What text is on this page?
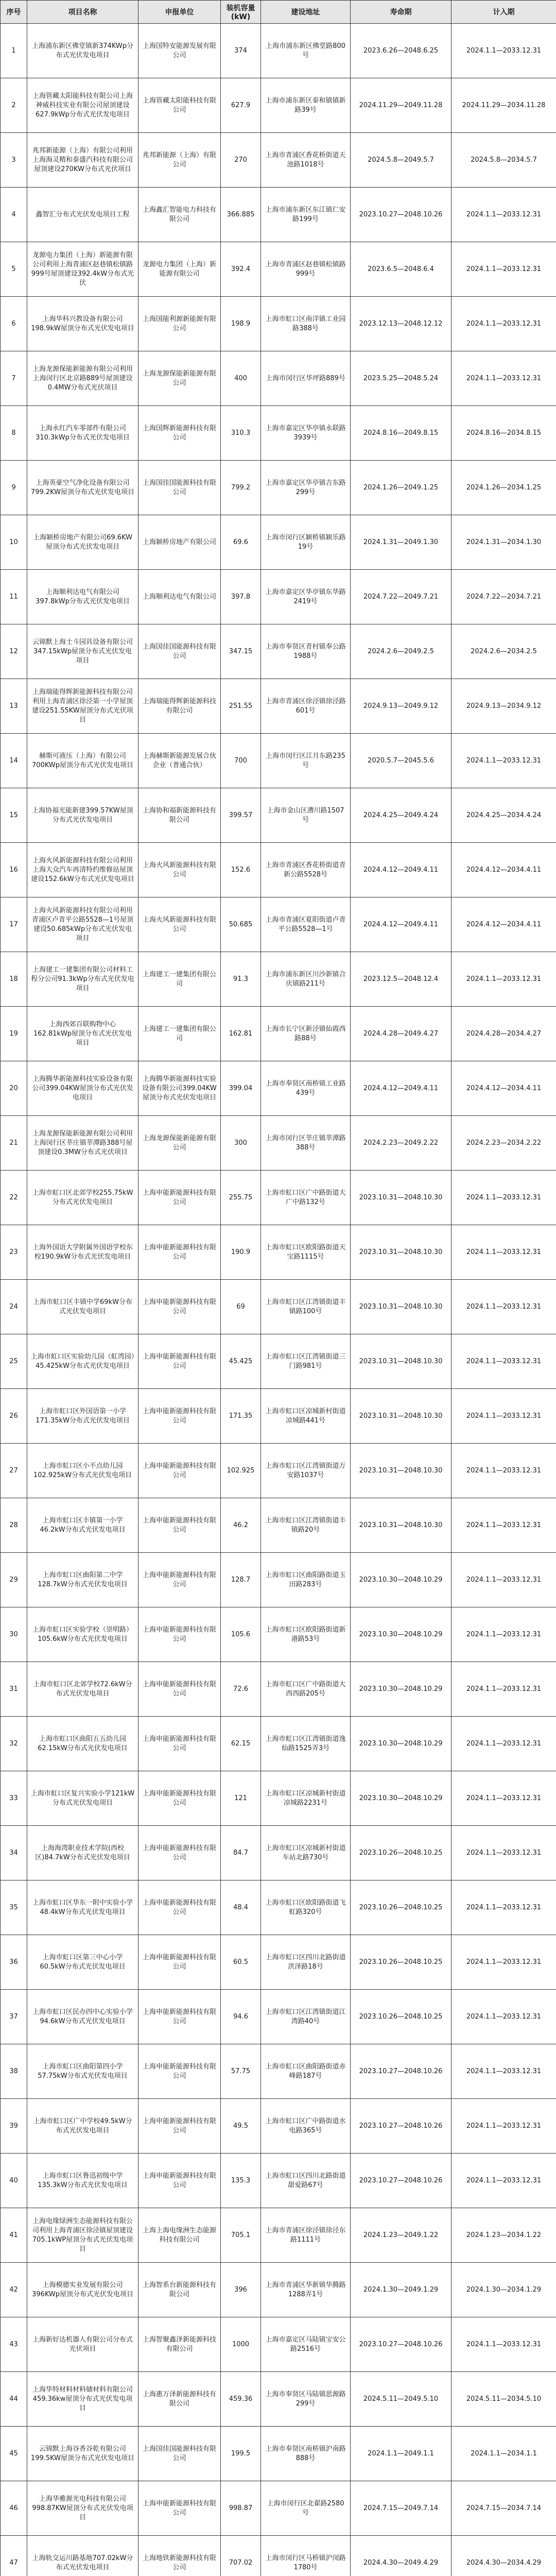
序号	项目名称	申报单位	装机容量 (kW)	建设地址	寿命期	计入期
1	上海浦东新区佛堂镇新374KWp分布式光伏发电项目	上海国特安能源发展有限公司	374	上海市浦东新区佛堂路800号	2023.6.26—2048.6.25	2024.1.1—2033.12.31
2	上海管藏太阳能科技有限公司上海神威科技实业有限公司屋顶建设627.9kWp分布式光伏发电项目	上海管藏太阳能科技有限公司	627.9	上海市浦东新区泰和镇镇新路39号	2024.11.29—2049.11.28	2024.11.29—2034.11.28
3	兆邦新能源（上海）有限公司利用上海海灵精和泰盛汽科技有限公司屋顶建设270KW分布式光伏项目	兆邦新能源（上海）有限公司	270	上海市青浦区香花桥街道天池路1018号	2024.5.8—2049.5.7	2024.5.8—2034.5.7
4	鑫智汇分布式光伏发电项目工程	上海鑫汇智能电力科技有限公司	366.885	上海市浦东新区东江镇仁安路199号	2023.10.27—2048.10.26	2024.1.1—2033.12.31
5	龙源电力集团（上海）新能源有限公司利用上海青浦区赵巷镇松镇路999号屋顶建设392.4kW分布式光伏	龙源电力集团（上海）新能源有限公司	392.4	上海市青浦区赵巷镇松镇路999号	2023.6.5—2048.6.4	2024.1.1—2033.12.31
6	上海华科兴教设备有限公司198.9kW屋顶分布式光伏发电项目	上海国能利源新能源有限公司	198.9	上海市虹口区南洋镇工业园路388号	2023.12.13—2048.12.12	2024.1.1—2033.12.31
7	上海龙源保能新能源有限公司利用上海闵行区北京路889号屋顶建设0.4MW分布式光伏项目	上海龙源保能新能源有限公司	400	上海市闵行区华坪路889号	2023.5.25—2048.5.24	2024.1.1—2033.12.31
8	上海永红汽车零部件有限公司310.3kWp分布式光伏发电项目	上海国辉新能源科技有限公司	310.3	上海市嘉定区华亭镇永联路3939号	2024.8.16—2049.8.15	2024.8.16—2034.8.15
9	上海英豪空气净化设备有限公司799.2KW屋顶分布式光伏发电项目	上海国佳国能源科技有限公司	799.2	上海市嘉定区华亭镇吉东路299号	2024.1.26—2049.1.25	2024.1.26—2034.1.25
10	上海颖桥房地产有限公司69.6KW屋顶分布式光伏发电项目	上海颖桥房地产有限公司	69.6	上海市闵行区颖桥镇颖乐路19号	2024.1.31—2049.1.30	2024.1.31—2034.1.30
11	上海顺利达电气有限公司397.8kWp分布式光伏发电项目	上海顺利达电气有限公司	397.8	上海市嘉定区华亭镇东华路2419号	2024.7.22—2049.7.21	2024.7.22—2034.7.21
12	云锦默上海士斗园具设备有限公司347.15kWp屋顶分布式光伏发电项目	上海国佳国能源科技有限公司	347.15	上海市奉贤区青村镇奉公路1988号	2024.2.6—2049.2.5	2024.2.6—2034.2.5
13	上海瑞能得辉新能源科技有限公司利用上海青浦区徐泾第一小学屋顶建设251.55KW屋顶分布式光伏项目	上海瑞能得辉新能源科技有限公司	251.55	上海市青浦区徐泾镇徐泾路601号	2024.9.13—2049.9.12	2024.9.13—2034.9.12
14	赫斯可液压（上海）有限公司700KWp屋顶分布式光伏发电项目	上海赫斯新能源发展合伙企业（普通合伙）	700	上海市闵行区江月东路235号	2020.5.7—2045.5.6	2024.1.1—2033.12.31
15	上海协福光能新建399.57KW屋顶分布式光伏发电项目	上海协和福新能源科技有限公司	399.57	上海市金山区漕川路1507号	2024.4.25—2049.4.24	2024.4.25—2034.4.24
16	上海火风新能源科技有限公司利用上海大众汽车再清特约维修站屋顶建设152.6kW分布式光伏发电项目	上海火风新能源科技有限公司	152.6	上海市青浦区香花桥街道青新公路5528号	2024.4.12—2049.4.11	2024.4.12—2034.4.11
17	上海火风新能源科技有限公司利用青浦区卢青平公路5528—1号屋顶建设50.685kWp分布式光伏发电项目	上海火风新能源科技有限公司	50.685	上海市青浦区夏阳街道卢青平公路5528—1号	2024.4.12—2049.4.11	2024.4.12—2034.4.11
18	上海建工一建集团有限公司材料工程分公司91.3kWp分布式光伏发电项目	上海建工一建集团有限公司	91.3	上海市浦东新区川沙新镇合庆镇路211号	2023.12.5—2048.12.4	2024.1.1—2033.12.31
19	上海西郊百联购物中心162.81kWp屋顶分布式光伏发电项目	上海建工一建集团有限公司	162.81	上海市长宁区新泾镇仙霞西路88号	2024.4.28—2049.4.27	2024.4.28—2034.4.27
20	上海腾华新能源科技实验设备有限公司399.04KW屋顶分布式光伏发电项目	上海腾华新能源科技实验设备有限公司399.04KW屋顶分布式光伏发电项目	399.04	上海市奉贤区南桥镇工业路439号	2024.4.12—2049.4.11	2024.4.12—2034.4.11
21	上海龙源保能新能源有限公司利用上海闵行区莘庄镇莘潭路388号屋顶建设0.3MW分布式光伏项目	上海龙源保能新能源有限公司	300	上海市闵行区莘庄镇莘潭路388号	2024.2.23—2049.2.22	2024.2.23—2034.2.22
22	上海市虹口区北郊学校255.75kW分布式光伏发电项目	上海申能新能源科技有限公司	255.75	上海市虹口区广中路街道大广中路132号	2023.10.31—2048.10.30	2024.1.1—2033.12.31
23	上海外国语大学附属外国语学校东校190.9kW分布式光伏发电项目	上海申能新能源科技有限公司	190.9	上海市虹口区欧阳路街道天宝路1115号	2023.10.31—2048.10.30	2024.1.1—2033.12.31
24	上海市虹口区丰镇中学69kW分布式光伏发电项目	上海申能新能源科技有限公司	69	上海市虹口区江湾镇街道丰镇路100号	2023.10.31—2048.10.30	2024.1.1—2033.12.31
25	上海市虹口区实验幼儿园（虹湾园）45.425kW分布式光伏发电项目	上海申能新能源科技有限公司	45.425	上海市虹口区江湾镇街道三门路981号	2023.10.31—2048.10.30	2024.1.1—2033.12.31
26	上海市虹口区外国语第一小学171.35kW分布式光伏发电项目	上海申能新能源科技有限公司	171.35	上海市虹口区凉城新村街道凉城路441号	2023.10.31—2048.10.30	2024.1.1—2033.12.31
27	上海市虹口区小不点幼儿园102.925kW分布式光伏发电项目	上海申能新能源科技有限公司	102.925	上海市虹口区江湾镇街道万安路1037号	2023.10.31—2048.10.30	2024.1.1—2033.12.31
28	上海市虹口区丰镇第一小学46.2kW分布式光伏发电项目	上海申能新能源科技有限公司	46.2	上海市虹口区江湾镇街道丰镇路20号	2023.10.31—2048.10.30	2024.1.1—2033.12.31
29	上海市虹口区曲阳第二中学128.7kW分布式光伏发电项目	上海申能新能源科技有限公司	128.7	上海市虹口区曲阳路街道玉田路283号	2023.10.30—2048.10.29	2024.1.1—2033.12.31
30	上海市虹口区实验学校（崇明路）105.6kW分布式光伏发电项目	上海申能新能源科技有限公司	105.6	上海市虹口区欧阳路街道新港路53号	2023.10.30—2048.10.29	2024.1.1—2033.12.31
31	上海市虹口区北郊学校72.6kW分布式光伏发电项目	上海申能新能源科技有限公司	72.6	上海市虹口区广中路街道大西西路205号	2023.10.30—2048.10.29	2024.1.1—2033.12.31
32	上海市虹口区曲阳五五幼儿园62.15kW分布式光伏发电项目	上海申能新能源科技有限公司	62.15	上海市虹口区江湾镇街道逸仙路1525弄3号	2023.10.30—2048.10.29	2024.1.1—2033.12.31
33	上海市虹口区复兴实验小学121kW分布式光伏发电项目	上海申能新能源科技有限公司	121	上海市虹口区凉城新村街道凉城路2231号	2023.10.30—2048.10.29	2024.1.1—2033.12.31
34	上海海湾职业技术学院(西校区)84.7kW分布式光伏发电项目	上海申能新能源科技有限公司	84.7	上海市虹口区凉城新村街道车站北路730号	2023.10.26—2048.10.25	2024.1.1—2033.12.31
35	上海市虹口区华东一附中实验小学48.4kW分布式光伏发电项目	上海申能新能源科技有限公司	48.4	上海市虹口区欧阳路街道飞虹路320号	2023.10.26—2048.10.25	2024.1.1—2033.12.31
36	上海市虹口区第三中心小学60.5kW分布式光伏发电项目	上海申能新能源科技有限公司	60.5	上海市虹口区四川北路街道洪泽路18号	2023.10.26—2048.10.25	2024.1.1—2033.12.31
37	上海市虹口区民办四中心实验小学94.6kW分布式光伏发电项目	上海申能新能源科技有限公司	94.6	上海市虹口区江湾镇街道江湾路40号	2023.10.26—2048.10.25	2024.1.1—2033.12.31
38	上海市虹口区曲阳第四小学57.75kW分布式光伏发电项目	上海申能新能源科技有限公司	57.75	上海市虹口区曲阳路街道赤峰路187号	2023.10.27—2048.10.26	2024.1.1—2033.12.31
39	上海市虹口区广中学校49.5kW分布式光伏发电项目	上海申能新能源科技有限公司	49.5	上海市虹口区广中路街道水电路365号	2023.10.27—2048.10.26	2024.1.1—2033.12.31
40	上海市虹口区鲁迅初级中学135.3kW分布式光伏发电项目	上海申能新能源科技有限公司	135.3	上海市虹口区四川北路街道甜爱路67号	2023.10.27—2048.10.26	2024.1.1—2033.12.31
41	上海电缘绿洲生态能源科技有限公司利用上海青浦区徐泾镇屋顶建设705.1kWP屋顶分布式光伏发电项目	上海上海电缘洲生态能源科技有限公司	705.1	上海市青浦区徐泾镇徐泾东路1111号	2024.1.23—2049.1.22	2024.1.23—2034.1.22
42	上海模德实业发展有限公司396KWp屋顶分布式光伏发电项目	上海智系台新能源科技有限公司	396	上海市青浦区华新镇华腾路1288弄1号	2024.1.30—2049.1.29	2024.1.30—2034.1.29
43	上海新好达机器人有限公司分布式光伏项目	上海智聚鑫泽新能源科技有限公司	1000	上海市嘉定区马陆镇宝安公路2516号	2023.10.27—2048.10.26	2024.1.1—2033.12.31
44	上海华特材料材料储材料有限公司459.36kw屋顶分布式光伏发电项目	上海惠万泽新能源科技有限公司	459.36	上海市奉贤区马陆镇思源路299号	2024.5.11—2049.5.10	2024.5.11—2034.5.10
45	云锦默上海谷香谷乾有限公司199.5KW屋顶分布式光伏发电项目	上海国佳国能源科技有限公司	199.5	上海市奉贤区南桥镇沪南路888号	2024.1.1—2049.1.1	2024.1.1—2034.1.1
46	上海华雅源光电科技有限公司998.87KW屋顶分布式光伏发电项目	上海申能新能源科技有限公司	998.87	上海市闵行区北翟路2580号	2024.7.15—2049.7.14	2024.7.15—2034.7.14
47	上海轨交运川路基地707.02kW分布式光伏发电项目	上海地铁新能源科技有限公司	707.02	上海市闵行区马桥镇沪闵路1780号	2024.4.30—2049.4.29	2024.4.30—2034.4.29
